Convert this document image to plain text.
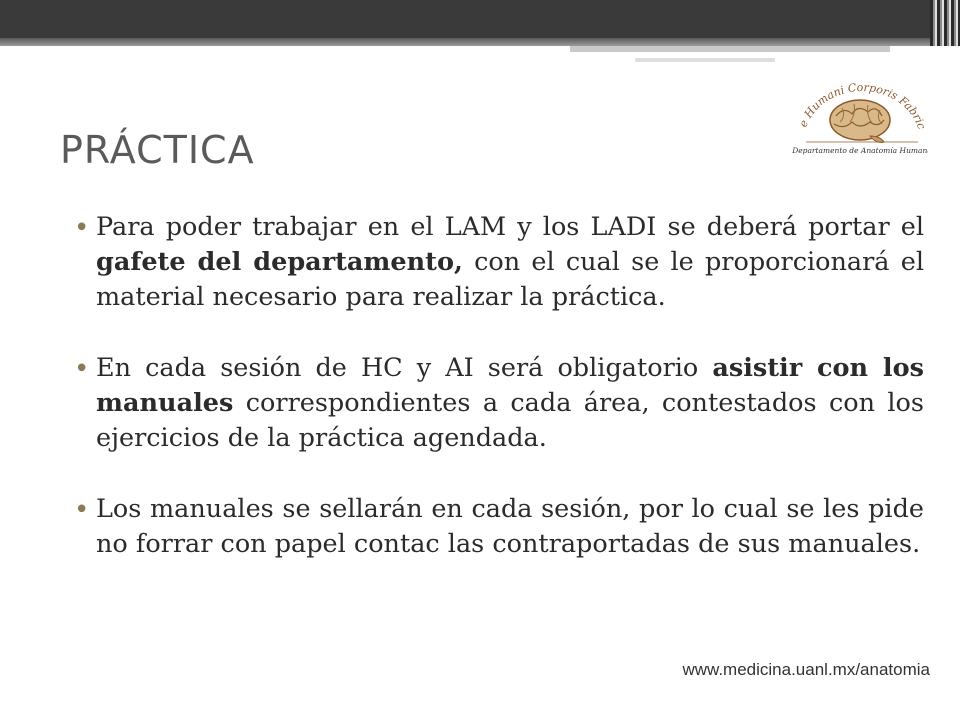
PRÁCTICA
e Humani Corporis Fabric
Departamento de Anatomía Humana

• Para poder trabajar en el LAM y los LADI se deberá portar el gafete del departamento, con el cual se le proporcionará el material necesario para realizar la práctica.

• En cada sesión de HC y AI será obligatorio asistir con los manuales correspondientes a cada área, contestados con los ejercicios de la práctica agendada.

• Los manuales se sellarán en cada sesión, por lo cual se les pide no forrar con papel contac las contraportadas de sus manuales.

www.medicina.uanl.mx/anatomia
